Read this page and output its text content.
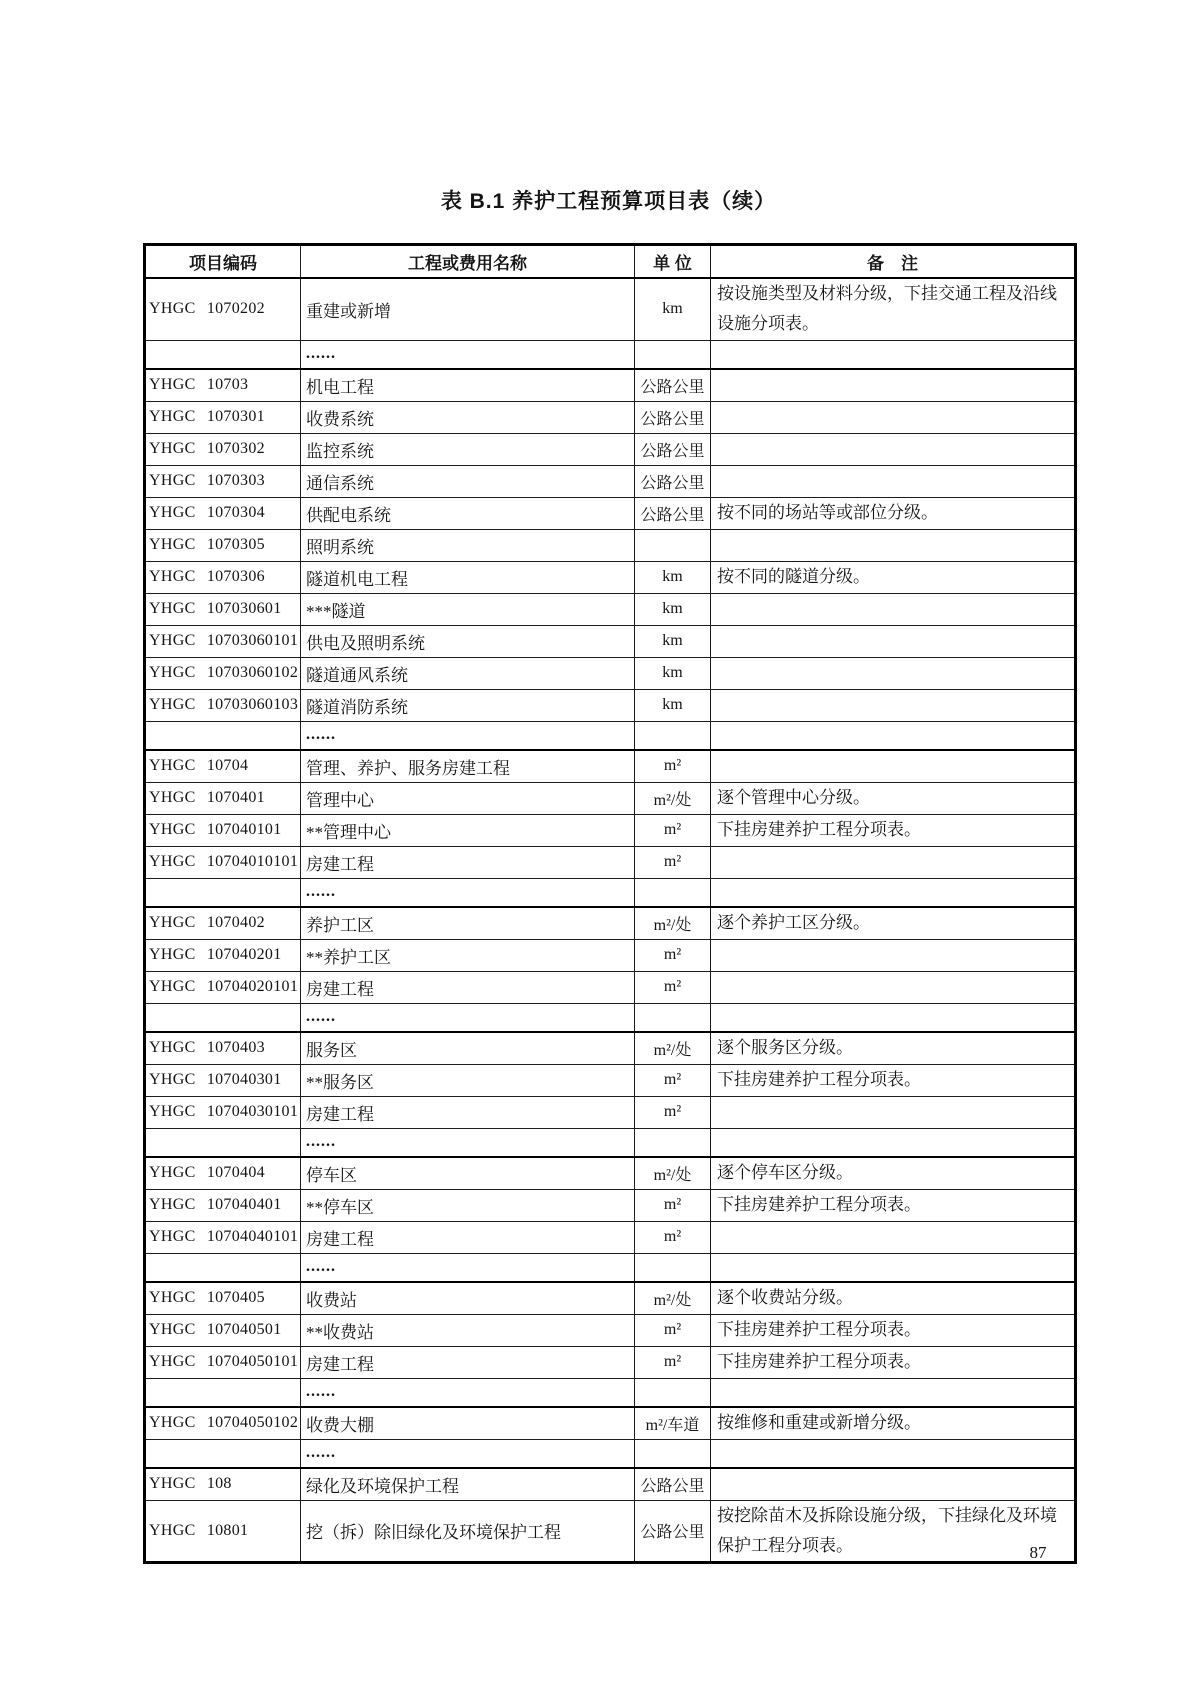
表 B.1 养护工程预算项目表（续）
项目编码	工程或费用名称	单 位	备　注
YHGC 1070202	重建或新增	km	按设施类型及材料分级，下挂交通工程及沿线设施分项表。
	......		
YHGC 10703	机电工程	公路公里	
YHGC 1070301	收费系统	公路公里	
YHGC 1070302	监控系统	公路公里	
YHGC 1070303	通信系统	公路公里	
YHGC 1070304	供配电系统	公路公里	按不同的场站等或部位分级。
YHGC 1070305	照明系统		
YHGC 1070306	隧道机电工程	km	按不同的隧道分级。
YHGC 107030601	***隧道	km	
YHGC 10703060101	供电及照明系统	km	
YHGC 10703060102	隧道通风系统	km	
YHGC 10703060103	隧道消防系统	km	
	......		
YHGC 10704	管理、养护、服务房建工程	m²	
YHGC 1070401	管理中心	m²/处	逐个管理中心分级。
YHGC 107040101	**管理中心	m²	下挂房建养护工程分项表。
YHGC 10704010101	房建工程	m²	
	......		
YHGC 1070402	养护工区	m²/处	逐个养护工区分级。
YHGC 107040201	**养护工区	m²	
YHGC 10704020101	房建工程	m²	
	......		
YHGC 1070403	服务区	m²/处	逐个服务区分级。
YHGC 107040301	**服务区	m²	下挂房建养护工程分项表。
YHGC 10704030101	房建工程	m²	
	......		
YHGC 1070404	停车区	m²/处	逐个停车区分级。
YHGC 107040401	**停车区	m²	下挂房建养护工程分项表。
YHGC 10704040101	房建工程	m²	
	......		
YHGC 1070405	收费站	m²/处	逐个收费站分级。
YHGC 107040501	**收费站	m²	下挂房建养护工程分项表。
YHGC 10704050101	房建工程	m²	下挂房建养护工程分项表。
	......		
YHGC 10704050102	收费大棚	m²/车道	按维修和重建或新增分级。
	......		
YHGC 108	绿化及环境保护工程	公路公里	
YHGC 10801	挖（拆）除旧绿化及环境保护工程	公路公里	按挖除苗木及拆除设施分级，下挂绿化及环境保护工程分项表。	87
